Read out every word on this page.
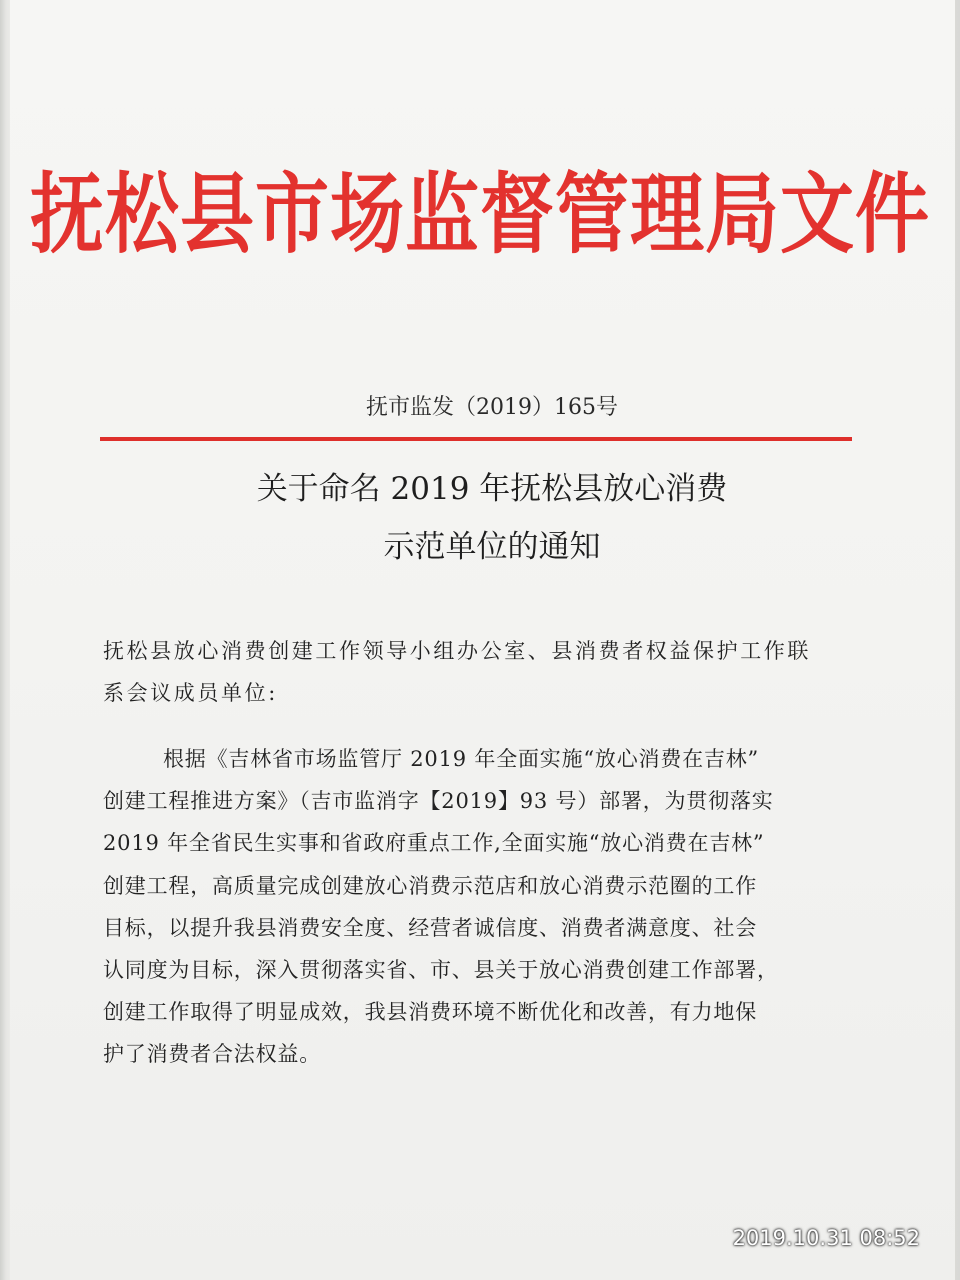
抚松县市场监督管理局文件
抚市监发（2019）165号
关于命名 2019 年抚松县放心消费
示范单位的通知
抚松县放心消费创建工作领导小组办公室、县消费者权益保护工作联
系会议成员单位:
根据《吉林省市场监管厅 2019 年全面实施“放心消费在吉林”
创建工程推进方案》（吉市监消字【2019】93 号）部署，为贯彻落实
2019 年全省民生实事和省政府重点工作,全面实施“放心消费在吉林”
创建工程，高质量完成创建放心消费示范店和放心消费示范圈的工作
目标，以提升我县消费安全度、经营者诚信度、消费者满意度、社会
认同度为目标，深入贯彻落实省、市、县关于放心消费创建工作部署，
创建工作取得了明显成效，我县消费环境不断优化和改善，有力地保
护了消费者合法权益。
2019.10.31 08:52
